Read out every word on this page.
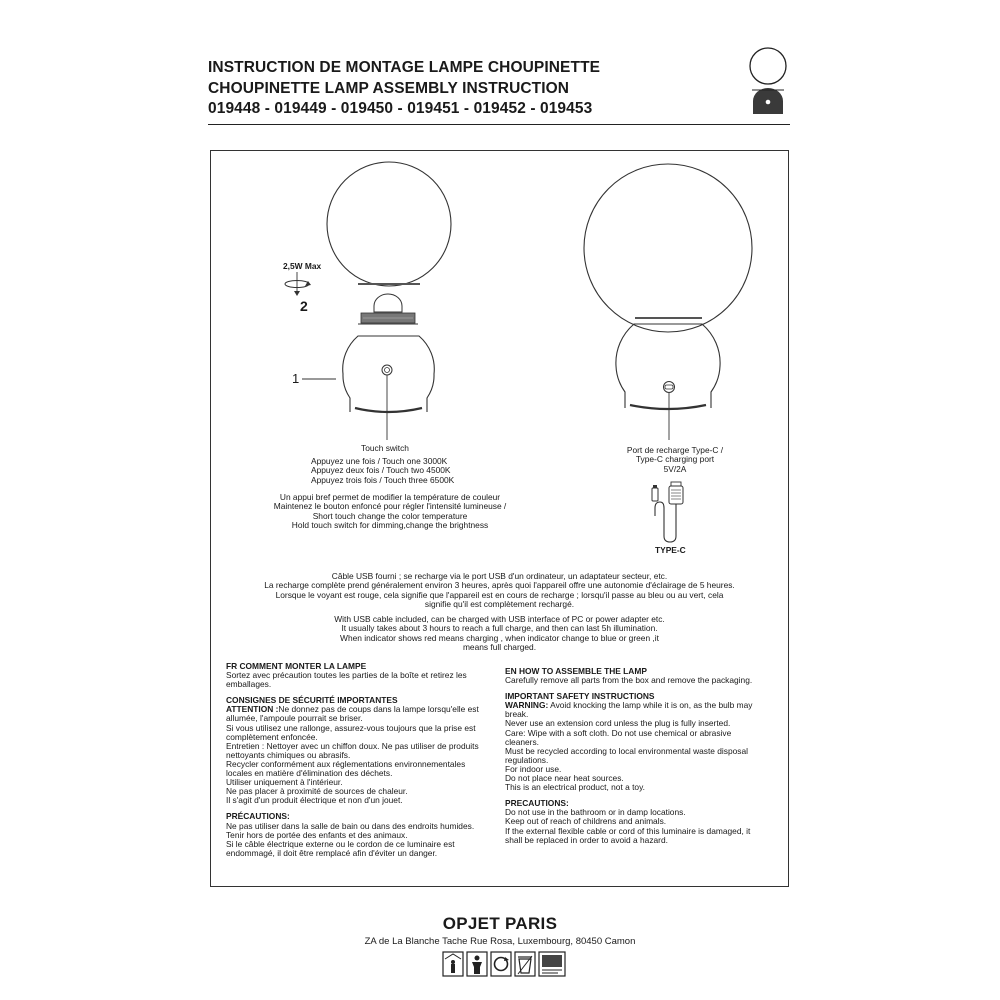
INSTRUCTION DE MONTAGE LAMPE CHOUPINETTE
CHOUPINETTE LAMP ASSEMBLY INSTRUCTION
019448 - 019449 - 019450 - 019451 - 019452 - 019453
2,5W Max
2
1
Touch switch
Appuyez une fois / Touch one 3000K
Appuyez deux fois / Touch two 4500K
Appuyez trois fois / Touch three 6500K
Un appui bref permet de modifier la température de couleur
Maintenez le bouton enfoncé pour régler l'intensité lumineuse /
Short touch change the color temperature
Hold touch switch for dimming,change the brightness
Port de recharge Type-C /
Type-C charging port
5V/2A
TYPE-C
Câble USB fourni ; se recharge via le port USB d'un ordinateur, un adaptateur secteur, etc.
La recharge complète prend généralement environ 3 heures, après quoi l'appareil offre une autonomie d'éclairage de 5 heures.
Lorsque le voyant est rouge, cela signifie que l'appareil est en cours de recharge ; lorsqu'il passe au bleu ou au vert, cela
signifie qu'il est complètement rechargé.
With USB cable included, can be charged with USB interface of PC or power adapter etc.
It usually takes about 3 hours to reach a full charge, and then can last 5h illumination.
When indicator shows red means charging , when indicator change to blue or green ,it
means full charged.
FR COMMENT MONTER LA LAMPE
Sortez avec précaution toutes les parties de la boîte et retirez les
emballages.
CONSIGNES DE SÉCURITÉ IMPORTANTES
ATTENTION :Ne donnez pas de coups dans la lampe lorsqu'elle est
allumée, l'ampoule pourrait se briser.
Si vous utilisez une rallonge, assurez-vous toujours que la prise est
complètement enfoncée.
Entretien : Nettoyer avec un chiffon doux. Ne pas utiliser de produits
nettoyants chimiques ou abrasifs.
Recycler conformément aux réglementations environnementales
locales en matière d'élimination des déchets.
Utiliser uniquement à l'intérieur.
Ne pas placer à proximité de sources de chaleur.
Il s'agit d'un produit électrique et non d'un jouet.
PRÉCAUTIONS:
Ne pas utiliser dans la salle de bain ou dans des endroits humides.
Tenir hors de portée des enfants et des animaux.
Si le câble électrique externe ou le cordon de ce luminaire est
endommagé, il doit être remplacé afin d'éviter un danger.
EN HOW TO ASSEMBLE THE LAMP
Carefully remove all parts from the box and remove the packaging.
IMPORTANT SAFETY INSTRUCTIONS
WARNING: Avoid knocking the lamp while it is on, as the bulb may
break.
Never use an extension cord unless the plug is fully inserted.
Care: Wipe with a soft cloth. Do not use chemical or abrasive
cleaners.
Must be recycled according to local environmental waste disposal
regulations.
For indoor use.
Do not place near heat sources.
This is an electrical product, not a toy.
PRECAUTIONS:
Do not use in the bathroom or in damp locations.
Keep out of reach of childrens and animals.
If the external flexible cable or cord of this luminaire is damaged, it
shall be replaced in order to avoid a hazard.
OPJET PARIS
ZA de La Blanche Tache Rue Rosa, Luxembourg, 80450 Camon
